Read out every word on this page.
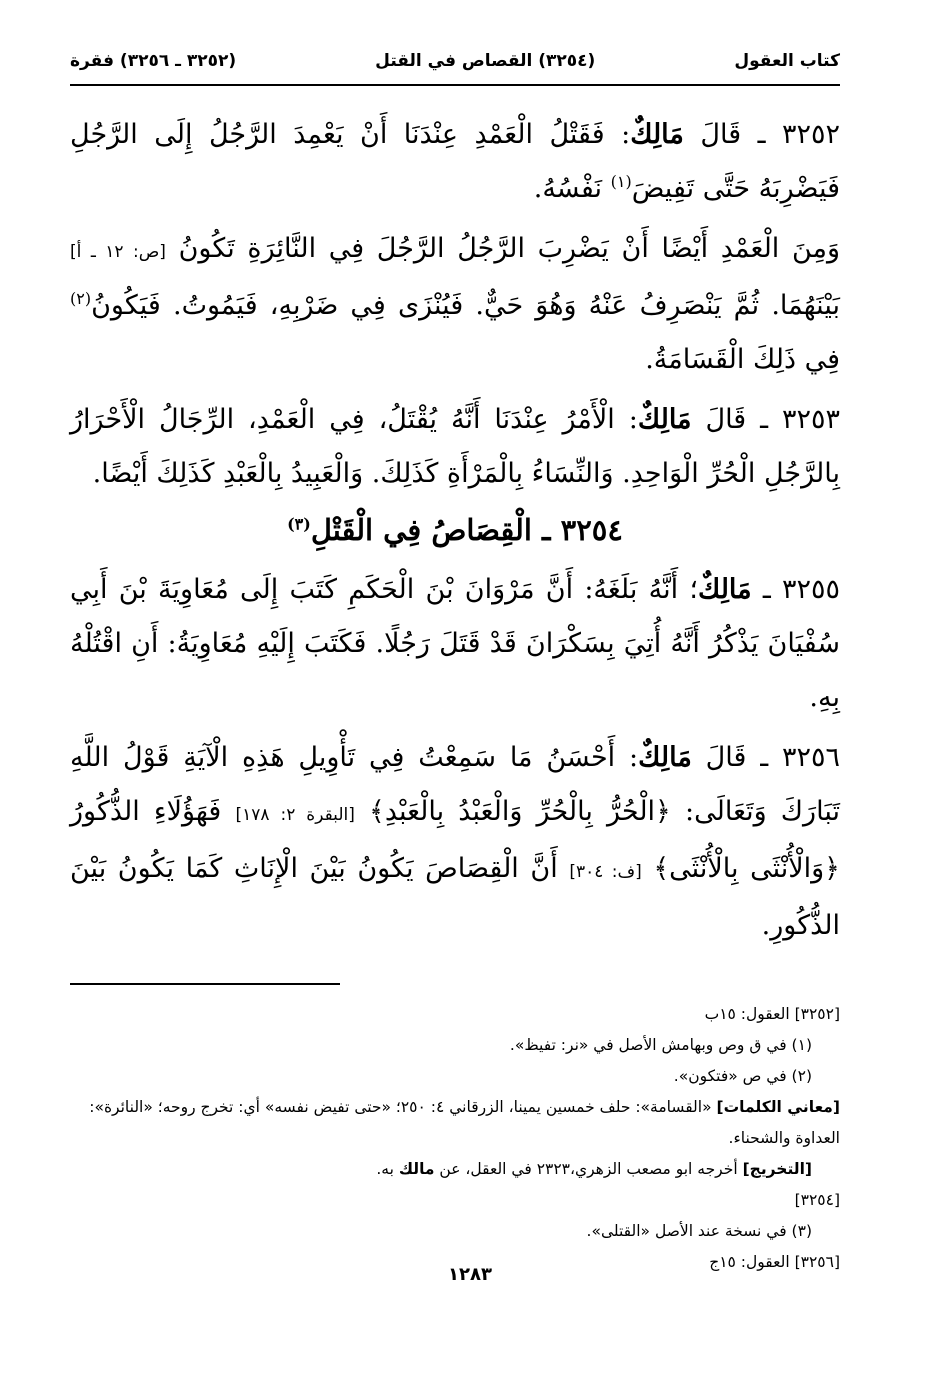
كتاب العقول
(٣٢٥٤) القصاص في القتل
(٣٢٥٢ ـ ٣٢٥٦) فقرة

٣٢٥٢ ـ قَالَ مَالِكٌ: فَقَتْلُ الْعَمْدِ عِنْدَنَا أَنْ يَعْمِدَ الرَّجُلُ إِلَى الرَّجُلِ فَيَضْرِبَهُ حَتَّى تَفِيضَ$^{(١)}$ نَفْسُهُ.

وَمِنَ الْعَمْدِ أَيْضًا أَنْ يَضْرِبَ الرَّجُلُ الرَّجُلَ فِي النَّائِرَةِ تَكُونُ [ص: ١٢ ـ أ] بَيْنَهُمَا. ثُمَّ يَنْصَرِفُ عَنْهُ وَهُوَ حَيٌّ. فَيُنْزَى فِي ضَرْبِهِ، فَيَمُوتُ. فَيَكُونُ$^{(٢)}$ فِي ذَلِكَ الْقَسَامَةُ.

٣٢٥٣ ـ قَالَ مَالِكٌ: الْأَمْرُ عِنْدَنَا أَنَّهُ يُقْتَلُ، فِي الْعَمْدِ، الرِّجَالُ الْأَحْرَارُ بِالرَّجُلِ الْحُرِّ الْوَاحِدِ. وَالنِّسَاءُ بِالْمَرْأَةِ كَذَلِكَ. وَالْعَبِيدُ بِالْعَبْدِ كَذَلِكَ أَيْضًا.

٣٢٥٤ ـ الْقِصَاصُ فِي الْقَتْلِ$^{(٣)}$

٣٢٥٥ ـ مَالِكٌ؛ أَنَّهُ بَلَغَهُ: أَنَّ مَرْوَانَ بْنَ الْحَكَمِ كَتَبَ إِلَى مُعَاوِيَةَ بْنَ أَبِي سُفْيَانَ يَذْكُرُ أَنَّهُ أُتِيَ بِسَكْرَانَ قَدْ قَتَلَ رَجُلًا. فَكَتَبَ إِلَيْهِ مُعَاوِيَةُ: أَنِ اقْتُلْهُ بِهِ.

٣٢٥٦ ـ قَالَ مَالِكٌ: أَحْسَنُ مَا سَمِعْتُ فِي تَأْوِيلِ هَذِهِ الْآيَةِ قَوْلُ اللَّهِ تَبَارَكَ وَتَعَالَى: ﴿الْحُرُّ بِالْحُرِّ وَالْعَبْدُ بِالْعَبْدِ﴾ [البقرة ٢: ١٧٨] فَهَؤُلَاءِ الذُّكُورُ ﴿وَالْأُنْثَى بِالْأُنْثَى﴾ [ف: ٣٠٤] أَنَّ الْقِصَاصَ يَكُونُ بَيْنَ الْإِنَاثِ كَمَا يَكُونُ بَيْنَ الذُّكُورِ.

[٣٢٥٢] العقول: ١٥ب

(١) في ق وص وبهامش الأصل في «نر: تفيظ».

(٢) في ص «فتكون».

[معاني الكلمات] «القسامة»: حلف خمسين يمينا، الزرقاني ٤: ٢٥٠؛ «حتى تفيض نفسه» أي: تخرج روحه؛ «النائرة»: العداوة والشحناء.

[التخريج] أخرجه ابو مصعب الزهري،٢٣٢٣ في العقل، عن مالك به.

[٣٢٥٤]

(٣) في نسخة عند الأصل «القتلى».

[٣٢٥٦] العقول: ١٥ج

١٢٨٣
